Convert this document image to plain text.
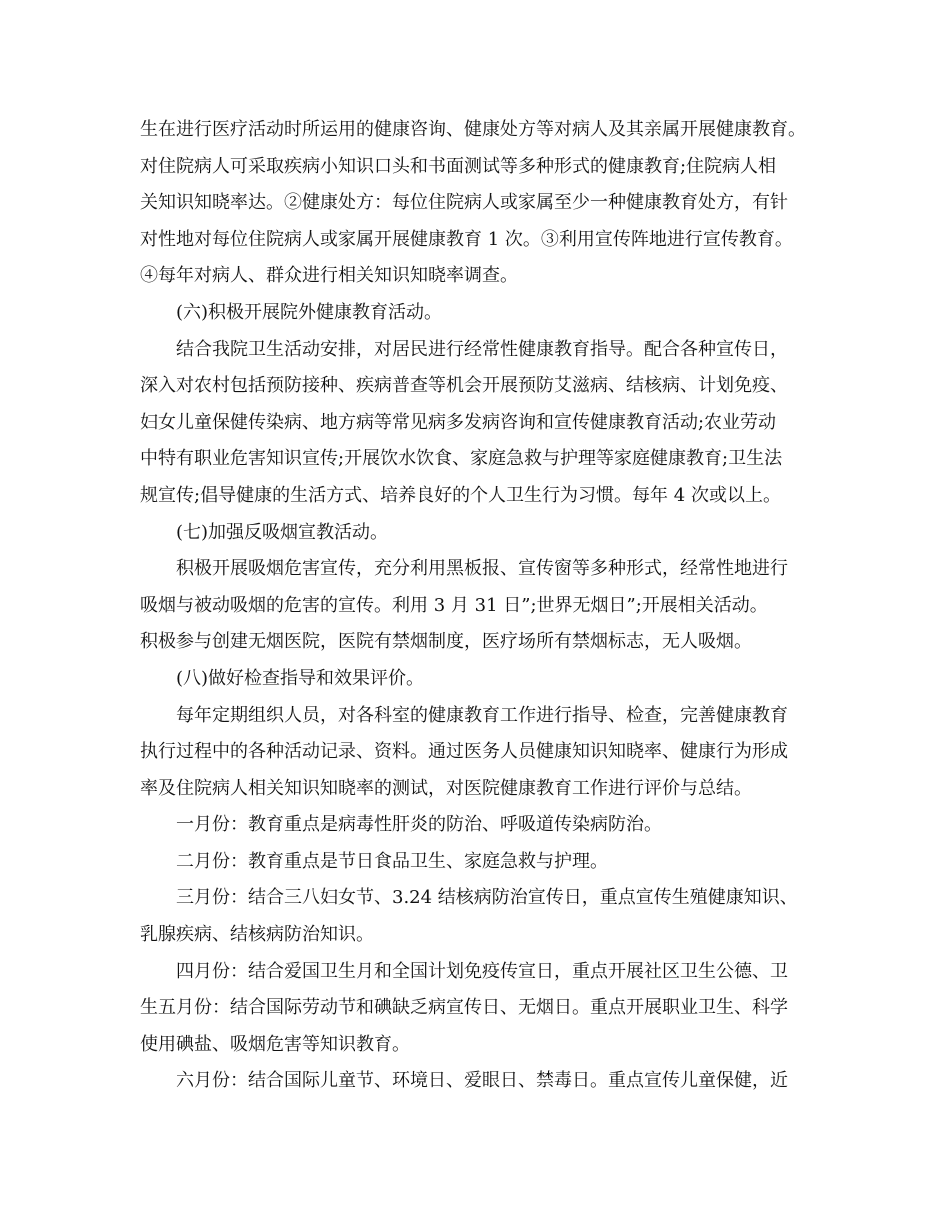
生在进行医疗活动时所运用的健康咨询、健康处方等对病人及其亲属开展健康教育。
对住院病人可采取疾病小知识口头和书面测试等多种形式的健康教育;住院病人相
关知识知晓率达。②健康处方：每位住院病人或家属至少一种健康教育处方，有针
对性地对每位住院病人或家属开展健康教育 1 次。③利用宣传阵地进行宣传教育。
④每年对病人、群众进行相关知识知晓率调查。
(六)积极开展院外健康教育活动。
结合我院卫生活动安排，对居民进行经常性健康教育指导。配合各种宣传日，
深入对农村包括预防接种、疾病普查等机会开展预防艾滋病、结核病、计划免疫、
妇女儿童保健传染病、地方病等常见病多发病咨询和宣传健康教育活动;农业劳动
中特有职业危害知识宣传;开展饮水饮食、家庭急救与护理等家庭健康教育;卫生法
规宣传;倡导健康的生活方式、培养良好的个人卫生行为习惯。每年 4 次或以上。
(七)加强反吸烟宣教活动。
积极开展吸烟危害宣传，充分利用黑板报、宣传窗等多种形式，经常性地进行
吸烟与被动吸烟的危害的宣传。利用 3 月 31 日”;世界无烟日”;开展相关活动。
积极参与创建无烟医院，医院有禁烟制度，医疗场所有禁烟标志，无人吸烟。
(八)做好检查指导和效果评价。
每年定期组织人员，对各科室的健康教育工作进行指导、检查，完善健康教育
执行过程中的各种活动记录、资料。通过医务人员健康知识知晓率、健康行为形成
率及住院病人相关知识知晓率的测试，对医院健康教育工作进行评价与总结。
一月份：教育重点是病毒性肝炎的防治、呼吸道传染病防治。
二月份：教育重点是节日食品卫生、家庭急救与护理。
三月份：结合三八妇女节、3.24 结核病防治宣传日，重点宣传生殖健康知识、
乳腺疾病、结核病防治知识。
四月份：结合爱国卫生月和全国计划免疫传宣日，重点开展社区卫生公德、卫
生五月份：结合国际劳动节和碘缺乏病宣传日、无烟日。重点开展职业卫生、科学
使用碘盐、吸烟危害等知识教育。
六月份：结合国际儿童节、环境日、爱眼日、禁毒日。重点宣传儿童保健，近
